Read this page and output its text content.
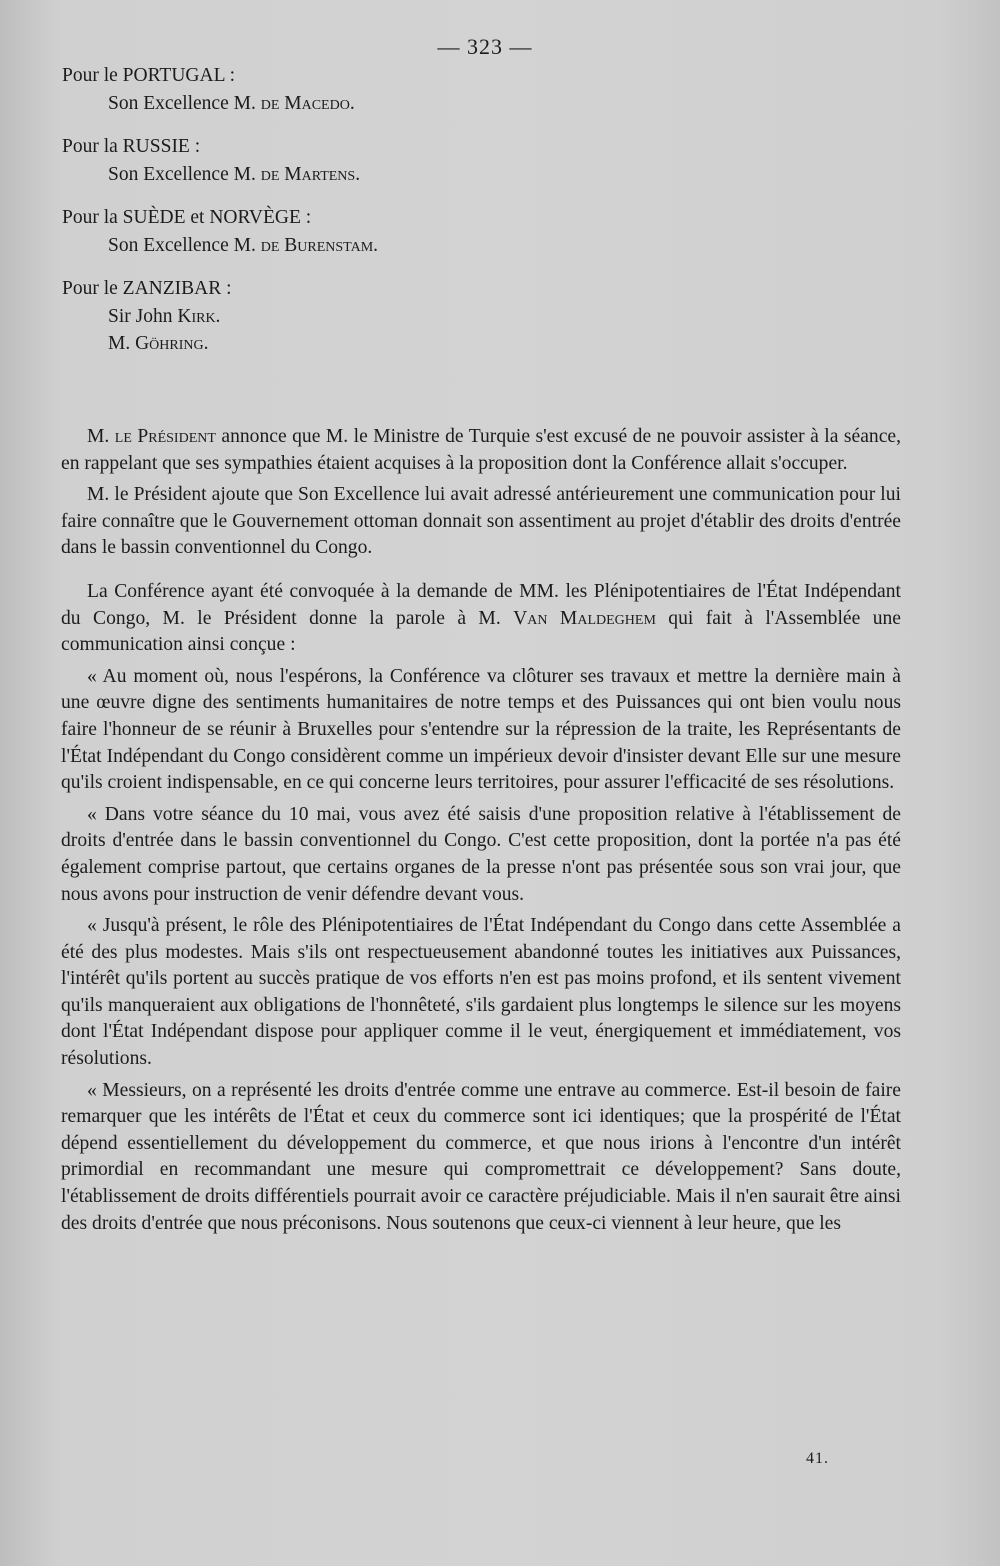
— 323 —
Pour le PORTUGAL :
Son Excellence M. de Macedo.
Pour la RUSSIE :
Son Excellence M. de Martens.
Pour la SUÈDE et NORVÈGE :
Son Excellence M. de Burenstam.
Pour le ZANZIBAR :
Sir John Kirk.
M. Göhring.

M. le Président annonce que M. le Ministre de Turquie s'est excusé de ne pouvoir assister à la séance, en rappelant que ses sympathies étaient acquises à la proposition dont la Conférence allait s'occuper.

M. le Président ajoute que Son Excellence lui avait adressé antérieurement une communication pour lui faire connaître que le Gouvernement ottoman donnait son assentiment au projet d'établir des droits d'entrée dans le bassin conventionnel du Congo.

La Conférence ayant été convoquée à la demande de MM. les Plénipotentiaires de l'État Indépendant du Congo, M. le Président donne la parole à M. Van Maldeghem qui fait à l'Assemblée une communication ainsi conçue :

« Au moment où, nous l'espérons, la Conférence va clôturer ses travaux et mettre la dernière main à une œuvre digne des sentiments humanitaires de notre temps et des Puissances qui ont bien voulu nous faire l'honneur de se réunir à Bruxelles pour s'entendre sur la répression de la traite, les Représentants de l'État Indépendant du Congo considèrent comme un impérieux devoir d'insister devant Elle sur une mesure qu'ils croient indispensable, en ce qui concerne leurs territoires, pour assurer l'efficacité de ses résolutions.

« Dans votre séance du 10 mai, vous avez été saisis d'une proposition relative à l'établissement de droits d'entrée dans le bassin conventionnel du Congo. C'est cette proposition, dont la portée n'a pas été également comprise partout, que certains organes de la presse n'ont pas présentée sous son vrai jour, que nous avons pour instruction de venir défendre devant vous.

« Jusqu'à présent, le rôle des Plénipotentiaires de l'État Indépendant du Congo dans cette Assemblée a été des plus modestes. Mais s'ils ont respectueusement abandonné toutes les initiatives aux Puissances, l'intérêt qu'ils portent au succès pratique de vos efforts n'en est pas moins profond, et ils sentent vivement qu'ils manqueraient aux obligations de l'honnêteté, s'ils gardaient plus longtemps le silence sur les moyens dont l'État Indépendant dispose pour appliquer comme il le veut, énergiquement et immédiatement, vos résolutions.

« Messieurs, on a représenté les droits d'entrée comme une entrave au commerce. Est-il besoin de faire remarquer que les intérêts de l'État et ceux du commerce sont ici identiques; que la prospérité de l'État dépend essentiellement du développement du commerce, et que nous irions à l'encontre d'un intérêt primordial en recommandant une mesure qui compromettrait ce développement? Sans doute, l'établissement de droits différentiels pourrait avoir ce caractère préjudiciable. Mais il n'en saurait être ainsi des droits d'entrée que nous préconisons. Nous soutenons que ceux-ci viennent à leur heure, que les

41.
